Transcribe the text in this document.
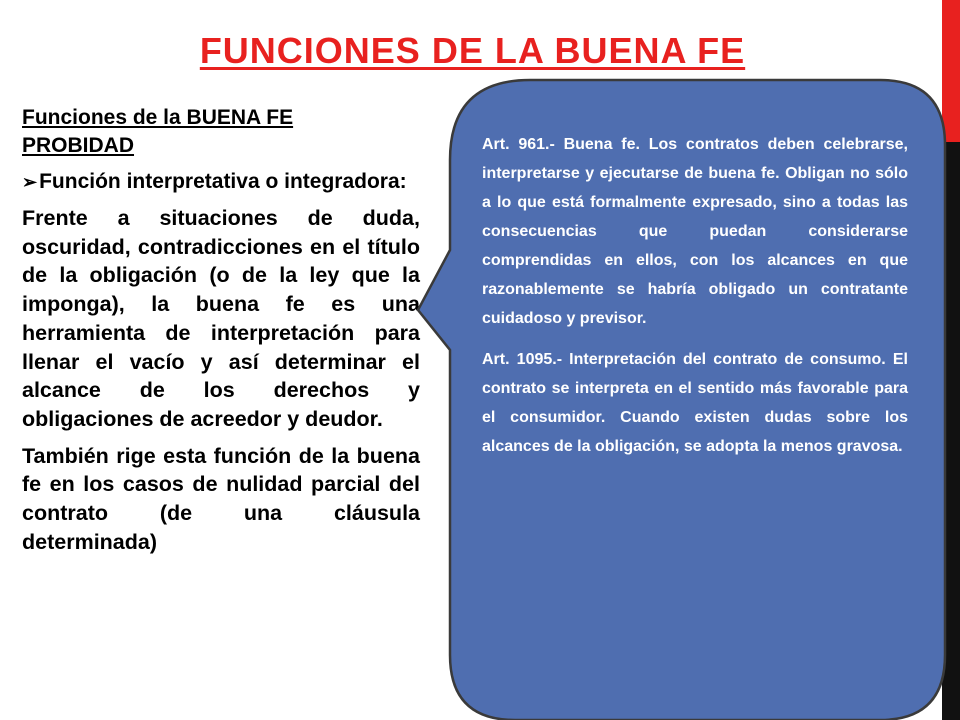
FUNCIONES DE LA BUENA FE

Funciones de la BUENA FE
PROBIDAD

➢Función interpretativa o integradora:

Frente a situaciones de duda, oscuridad, contradicciones en el título de la obligación (o de la ley que la imponga), la buena fe es una herramienta de interpretación para llenar el vacío y así determinar el alcance de los derechos y obligaciones de acreedor y deudor.

También rige esta función de la buena fe en los casos de nulidad parcial del contrato (de una cláusula determinada)

Art. 961.- Buena fe. Los contratos deben celebrarse, interpretarse y ejecutarse de buena fe. Obligan no sólo a lo que está formalmente expresado, sino a todas las consecuencias que puedan considerarse comprendidas en ellos, con los alcances en que razonablemente se habría obligado un contratante cuidadoso y previsor.

Art. 1095.- Interpretación del contrato de consumo. El contrato se interpreta en el sentido más favorable para el consumidor. Cuando existen dudas sobre los alcances de la obligación, se adopta la menos gravosa.
